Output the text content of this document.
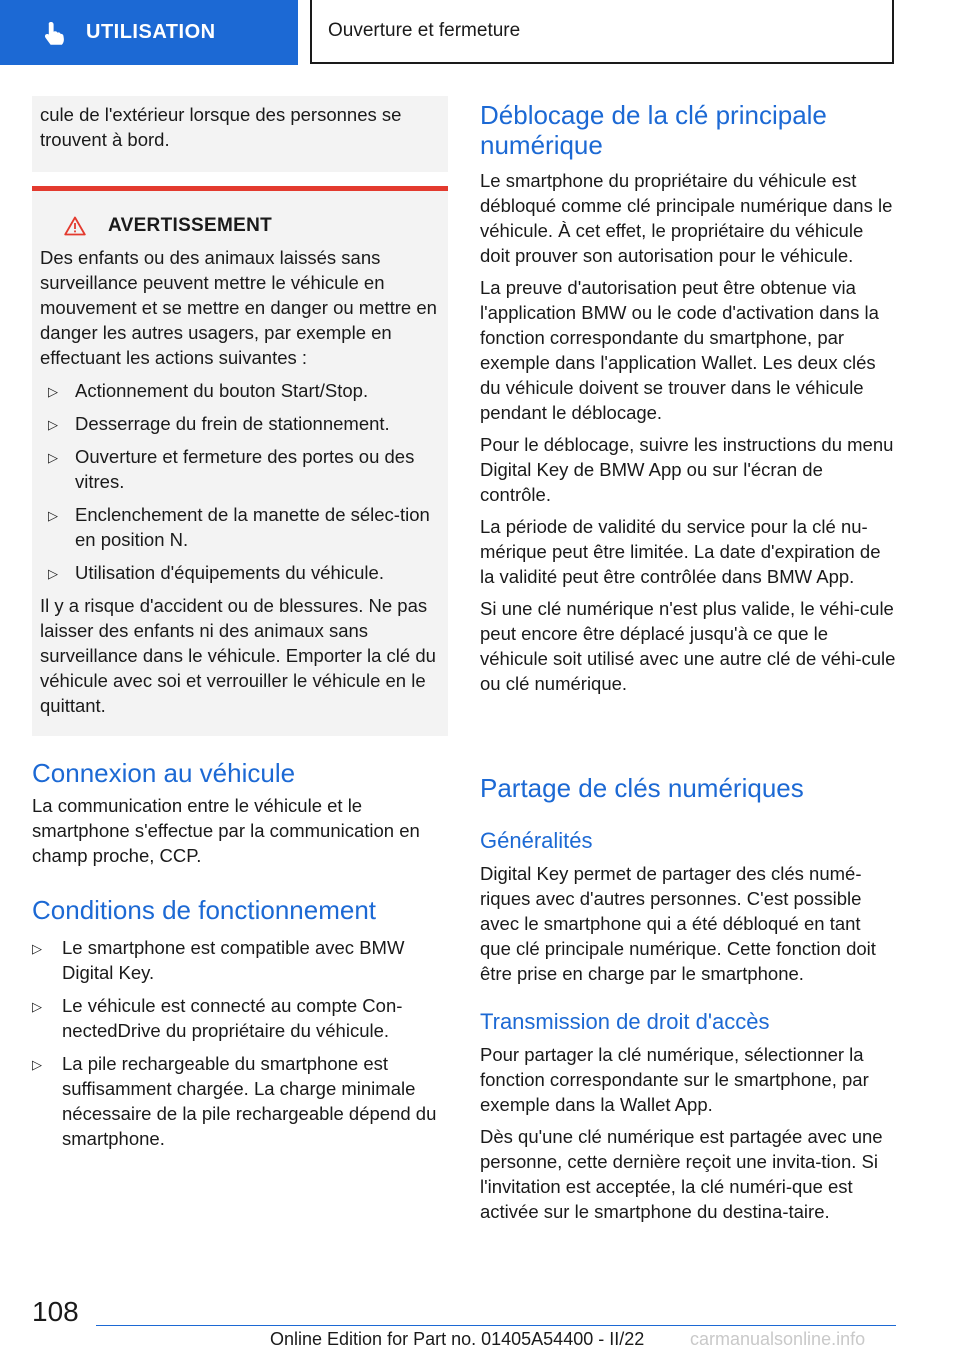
UTILISATION	Ouverture et fermeture

cule de l'extérieur lorsque des personnes se trouvent à bord.

AVERTISSEMENT

Des enfants ou des animaux laissés sans surveillance peuvent mettre le véhicule en mouvement et se mettre en danger ou mettre en danger les autres usagers, par exemple en effectuant les actions suivantes :

▷ Actionnement du bouton Start/Stop.
▷ Desserrage du frein de stationnement.
▷ Ouverture et fermeture des portes ou des vitres.
▷ Enclenchement de la manette de sélec-tion en position N.
▷ Utilisation d'équipements du véhicule.

Il y a risque d'accident ou de blessures. Ne pas laisser des enfants ni des animaux sans surveillance dans le véhicule. Emporter la clé du véhicule avec soi et verrouiller le véhicule en le quittant.

Connexion au véhicule

La communication entre le véhicule et le smartphone s'effectue par la communication en champ proche, CCP.

Conditions de fonctionnement
▷ Le smartphone est compatible avec BMW Digital Key.
▷ Le véhicule est connecté au compte Con-nectedDrive du propriétaire du véhicule.
▷ La pile rechargeable du smartphone est suffisamment chargée. La charge minimale nécessaire de la pile rechargeable dépend du smartphone.
Déblocage de la clé principale numérique

Le smartphone du propriétaire du véhicule est débloqué comme clé principale numérique dans le véhicule. À cet effet, le propriétaire du véhicule doit prouver son autorisation pour le véhicule.

La preuve d'autorisation peut être obtenue via l'application BMW ou le code d'activation dans la fonction correspondante du smartphone, par exemple dans l'application Wallet. Les deux clés du véhicule doivent se trouver dans le véhicule pendant le déblocage.

Pour le déblocage, suivre les instructions du menu Digital Key de BMW App ou sur l'écran de contrôle.

La période de validité du service pour la clé nu-mérique peut être limitée. La date d'expiration de la validité peut être contrôlée dans BMW App.

Si une clé numérique n'est plus valide, le véhi-cule peut encore être déplacé jusqu'à ce que le véhicule soit utilisé avec une autre clé de véhi-cule ou clé numérique.

Partage de clés numériques
Généralités

Digital Key permet de partager des clés numé-riques avec d'autres personnes. C'est possible avec le smartphone qui a été débloqué en tant que clé principale numérique. Cette fonction doit être prise en charge par le smartphone.

Transmission de droit d'accès

Pour partager la clé numérique, sélectionner la fonction correspondante sur le smartphone, par exemple dans la Wallet App.

Dès qu'une clé numérique est partagée avec une personne, cette dernière reçoit une invita-tion. Si l'invitation est acceptée, la clé numéri-que est activée sur le smartphone du destina-taire.

108
Online Edition for Part no. 01405A54400 - II/22	carmanualsonline.info
